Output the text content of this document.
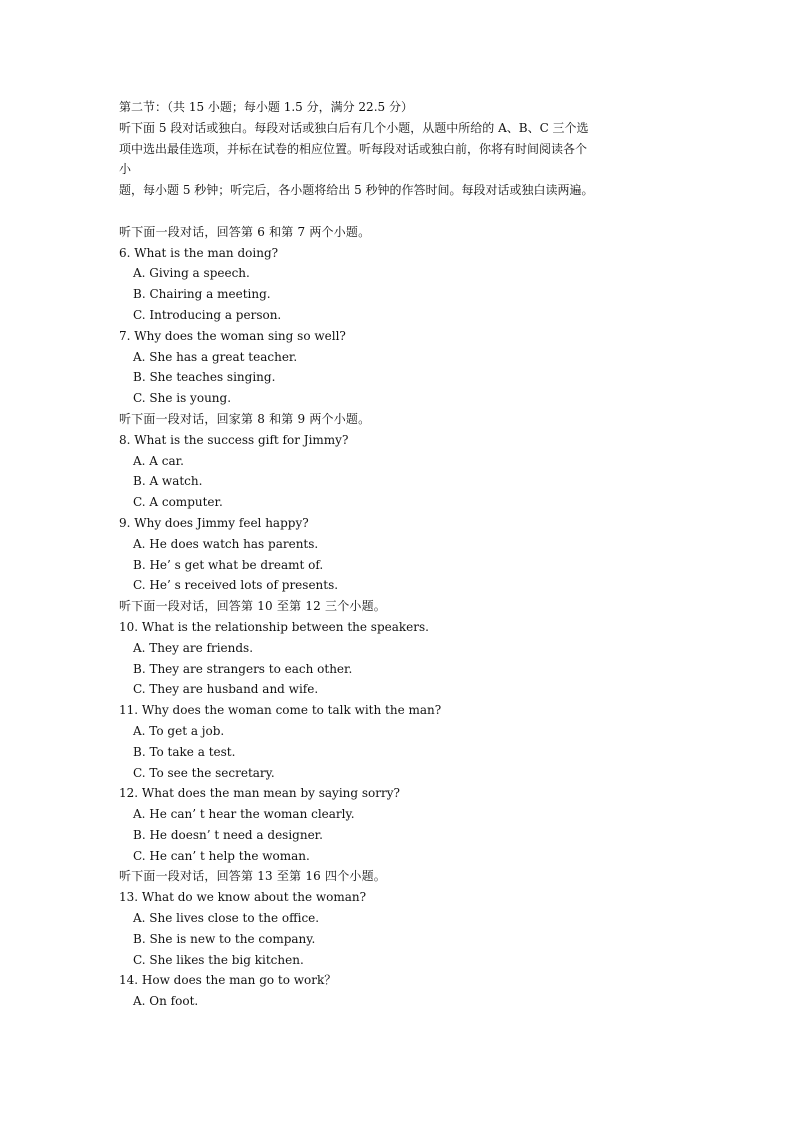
第二节：（共 15 小题；每小题 1.5 分，满分 22.5 分）
听下面 5 段对话或独白。每段对话或独白后有几个小题，从题中所给的 A、B、C 三个选
项中选出最佳选项，并标在试卷的相应位置。听每段对话或独白前，你将有时间阅读各个
小
题，每小题 5 秒钟；听完后，各小题将给出 5 秒钟的作答时间。每段对话或独白读两遍。
听下面一段对话，回答第 6 和第 7 两个小题。
6. What is the man doing?
A. Giving a speech.
B. Chairing a meeting.
C. Introducing a person.
7. Why does the woman sing so well?
A. She has a great teacher.
B. She teaches singing.
C. She is young.
听下面一段对话，回家第 8 和第 9 两个小题。
8. What is the success gift for Jimmy?
A. A car.
B. A watch.
C. A computer.
9. Why does Jimmy feel happy?
A. He does watch has parents.
B. He’ s get what be dreamt of.
C. He’ s received lots of presents.
听下面一段对话，回答第 10 至第 12 三个小题。
10. What is the relationship between the speakers.
A. They are friends.
B. They are strangers to each other.
C. They are husband and wife.
11. Why does the woman come to talk with the man?
A. To get a job.
B. To take a test.
C. To see the secretary.
12. What does the man mean by saying sorry?
A. He can’ t hear the woman clearly.
B. He doesn’ t need a designer.
C. He can’ t help the woman.
听下面一段对话，回答第 13 至第 16 四个小题。
13. What do we know about the woman?
A. She lives close to the office.
B. She is new to the company.
C. She likes the big kitchen.
14. How does the man go to work？
A. On foot.
